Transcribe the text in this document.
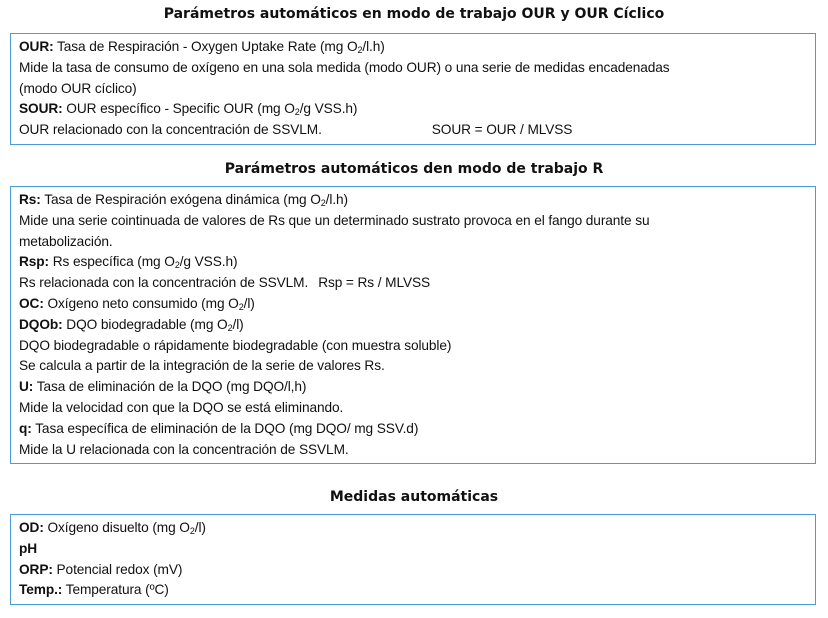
Parámetros automáticos en modo de trabajo OUR y OUR Cíclico
OUR: Tasa de Respiración - Oxygen Uptake Rate (mg $O_2/l.h$)
Mide la tasa de consumo de oxígeno en una sola medida (modo OUR) o una serie de medidas encadenadas
(modo OUR cíclico)
SOUR: OUR específico - Specific OUR (mg $O_2/g$ VSS.h)
OUR relacionado con la concentración de SSVLM.	SOUR = OUR / MLVSS
Parámetros automáticos den modo de trabajo R
Rs: Tasa de Respiración exógena dinámica (mg $O_2/l.h$)
Mide una serie cointinuada de valores de Rs que un determinado sustrato provoca en el fango durante su
metabolización.
Rsp: Rs específica (mg $O_2/g$ VSS.h)
Rs relacionada con la concentración de SSVLM. Rsp = Rs / MLVSS
OC: Oxígeno neto consumido (mg $O_2/l$)
DQOb: DQO biodegradable (mg $O_2/l$)
DQO biodegradable o rápidamente biodegradable (con muestra soluble)
Se calcula a partir de la integración de la serie de valores Rs.
U: Tasa de eliminación de la DQO (mg DQO/l,h)
Mide la velocidad con que la DQO se está eliminando.
q: Tasa específica de eliminación de la DQO (mg DQO/ mg SSV.d)
Mide la U relacionada con la concentración de SSVLM.
Medidas automáticas
OD: Oxígeno disuelto (mg $O_2/l$)
pH
ORP: Potencial redox (mV)
Temp.: Temperatura (ºC)
